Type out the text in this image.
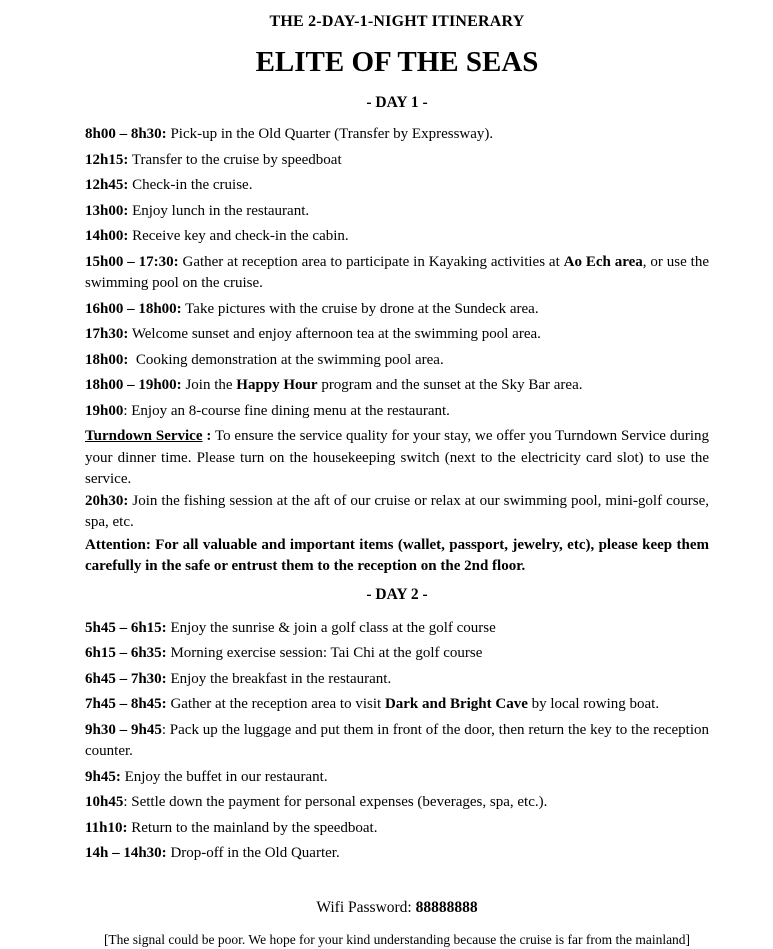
THE 2-DAY-1-NIGHT ITINERARY
ELITE OF THE SEAS
- DAY 1 -

8h00 – 8h30: Pick-up in the Old Quarter (Transfer by Expressway).

12h15: Transfer to the cruise by speedboat

12h45: Check-in the cruise.

13h00: Enjoy lunch in the restaurant.

14h00: Receive key and check-in the cabin.

15h00 – 17:30: Gather at reception area to participate in Kayaking activities at Ao Ech area, or use the swimming pool on the cruise.

16h00 – 18h00: Take pictures with the cruise by drone at the Sundeck area.

17h30: Welcome sunset and enjoy afternoon tea at the swimming pool area.

18h00:  Cooking demonstration at the swimming pool area.

18h00 – 19h00: Join the Happy Hour program and the sunset at the Sky Bar area.

19h00: Enjoy an 8-course fine dining menu at the restaurant.

Turndown Service : To ensure the service quality for your stay, we offer you Turndown Service during your dinner time. Please turn on the housekeeping switch (next to the electricity card slot) to use the service.

20h30: Join the fishing session at the aft of our cruise or relax at our swimming pool, mini-golf course, spa, etc.

Attention: For all valuable and important items (wallet, passport, jewelry, etc), please keep them carefully in the safe or entrust them to the reception on the 2nd floor.

- DAY 2 -

5h45 – 6h15: Enjoy the sunrise & join a golf class at the golf course

6h15 – 6h35: Morning exercise session: Tai Chi at the golf course

6h45 – 7h30: Enjoy the breakfast in the restaurant.

7h45 – 8h45: Gather at the reception area to visit Dark and Bright Cave by local rowing boat.

9h30 – 9h45: Pack up the luggage and put them in front of the door, then return the key to the reception counter.

9h45: Enjoy the buffet in our restaurant.

10h45: Settle down the payment for personal expenses (beverages, spa, etc.).

11h10: Return to the mainland by the speedboat.

14h – 14h30: Drop-off in the Old Quarter.

Wifi Password: 88888888
[The signal could be poor. We hope for your kind understanding because the cruise is far from the mainland]
